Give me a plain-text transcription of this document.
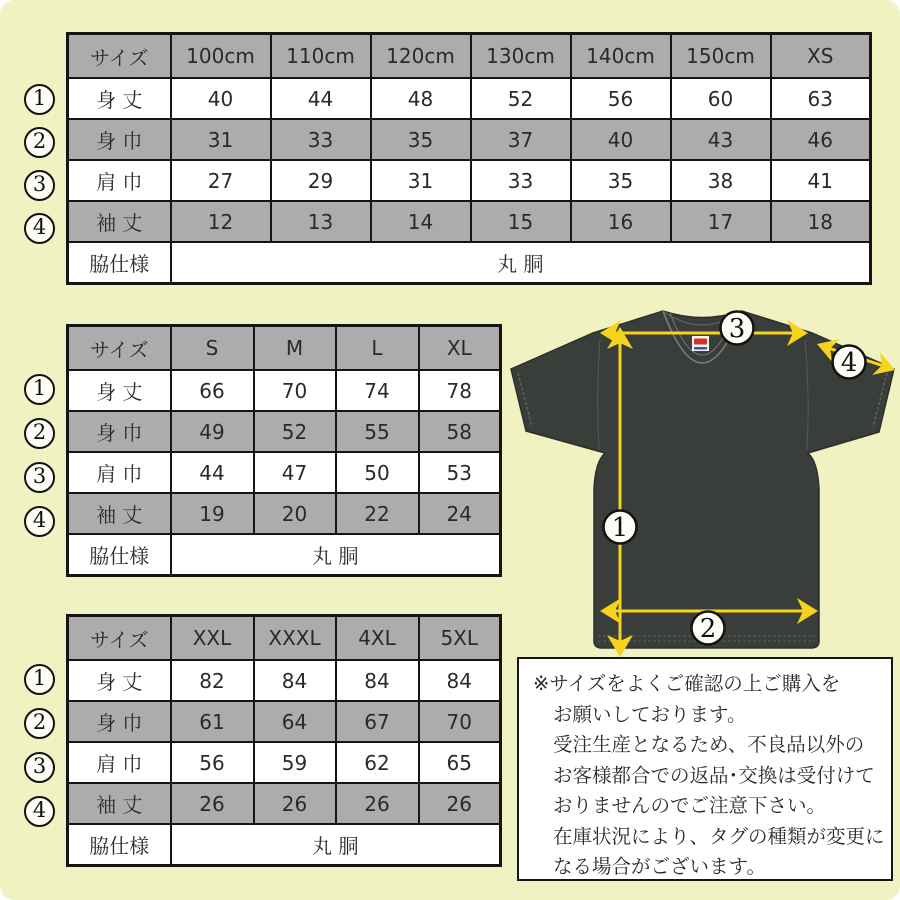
サイズ	100cm	110cm	120cm	130cm	140cm	150cm	XS
身 丈	40	44	48	52	56	60	63
身 巾	31	33	35	37	40	43	46
肩 巾	27	29	31	33	35	38	41
袖 丈	12	13	14	15	16	17	18
脇仕様	丸 胴						
1
2
3
4
サイズ	S	M	L	XL
身 丈	66	70	74	78
身 巾	49	52	55	58
肩 巾	44	47	50	53
袖 丈	19	20	22	24
脇仕様	丸 胴			
1
2
3
4
サイズ	XXL	XXXL	4XL	5XL
身 丈	82	84	84	84
身 巾	61	64	67	70
肩 巾	56	59	62	65
袖 丈	26	26	26	26
脇仕様	丸 胴			
1
2
3
4
3
4
1
2
※サイズをよくご確認の上ご購入を
お願いしております。
受注生産となるため、不良品以外の
お客様都合での返品･交換は受付けて
おりませんのでご注意下さい。
在庫状況により、タグの種類が変更に
なる場合がございます。
